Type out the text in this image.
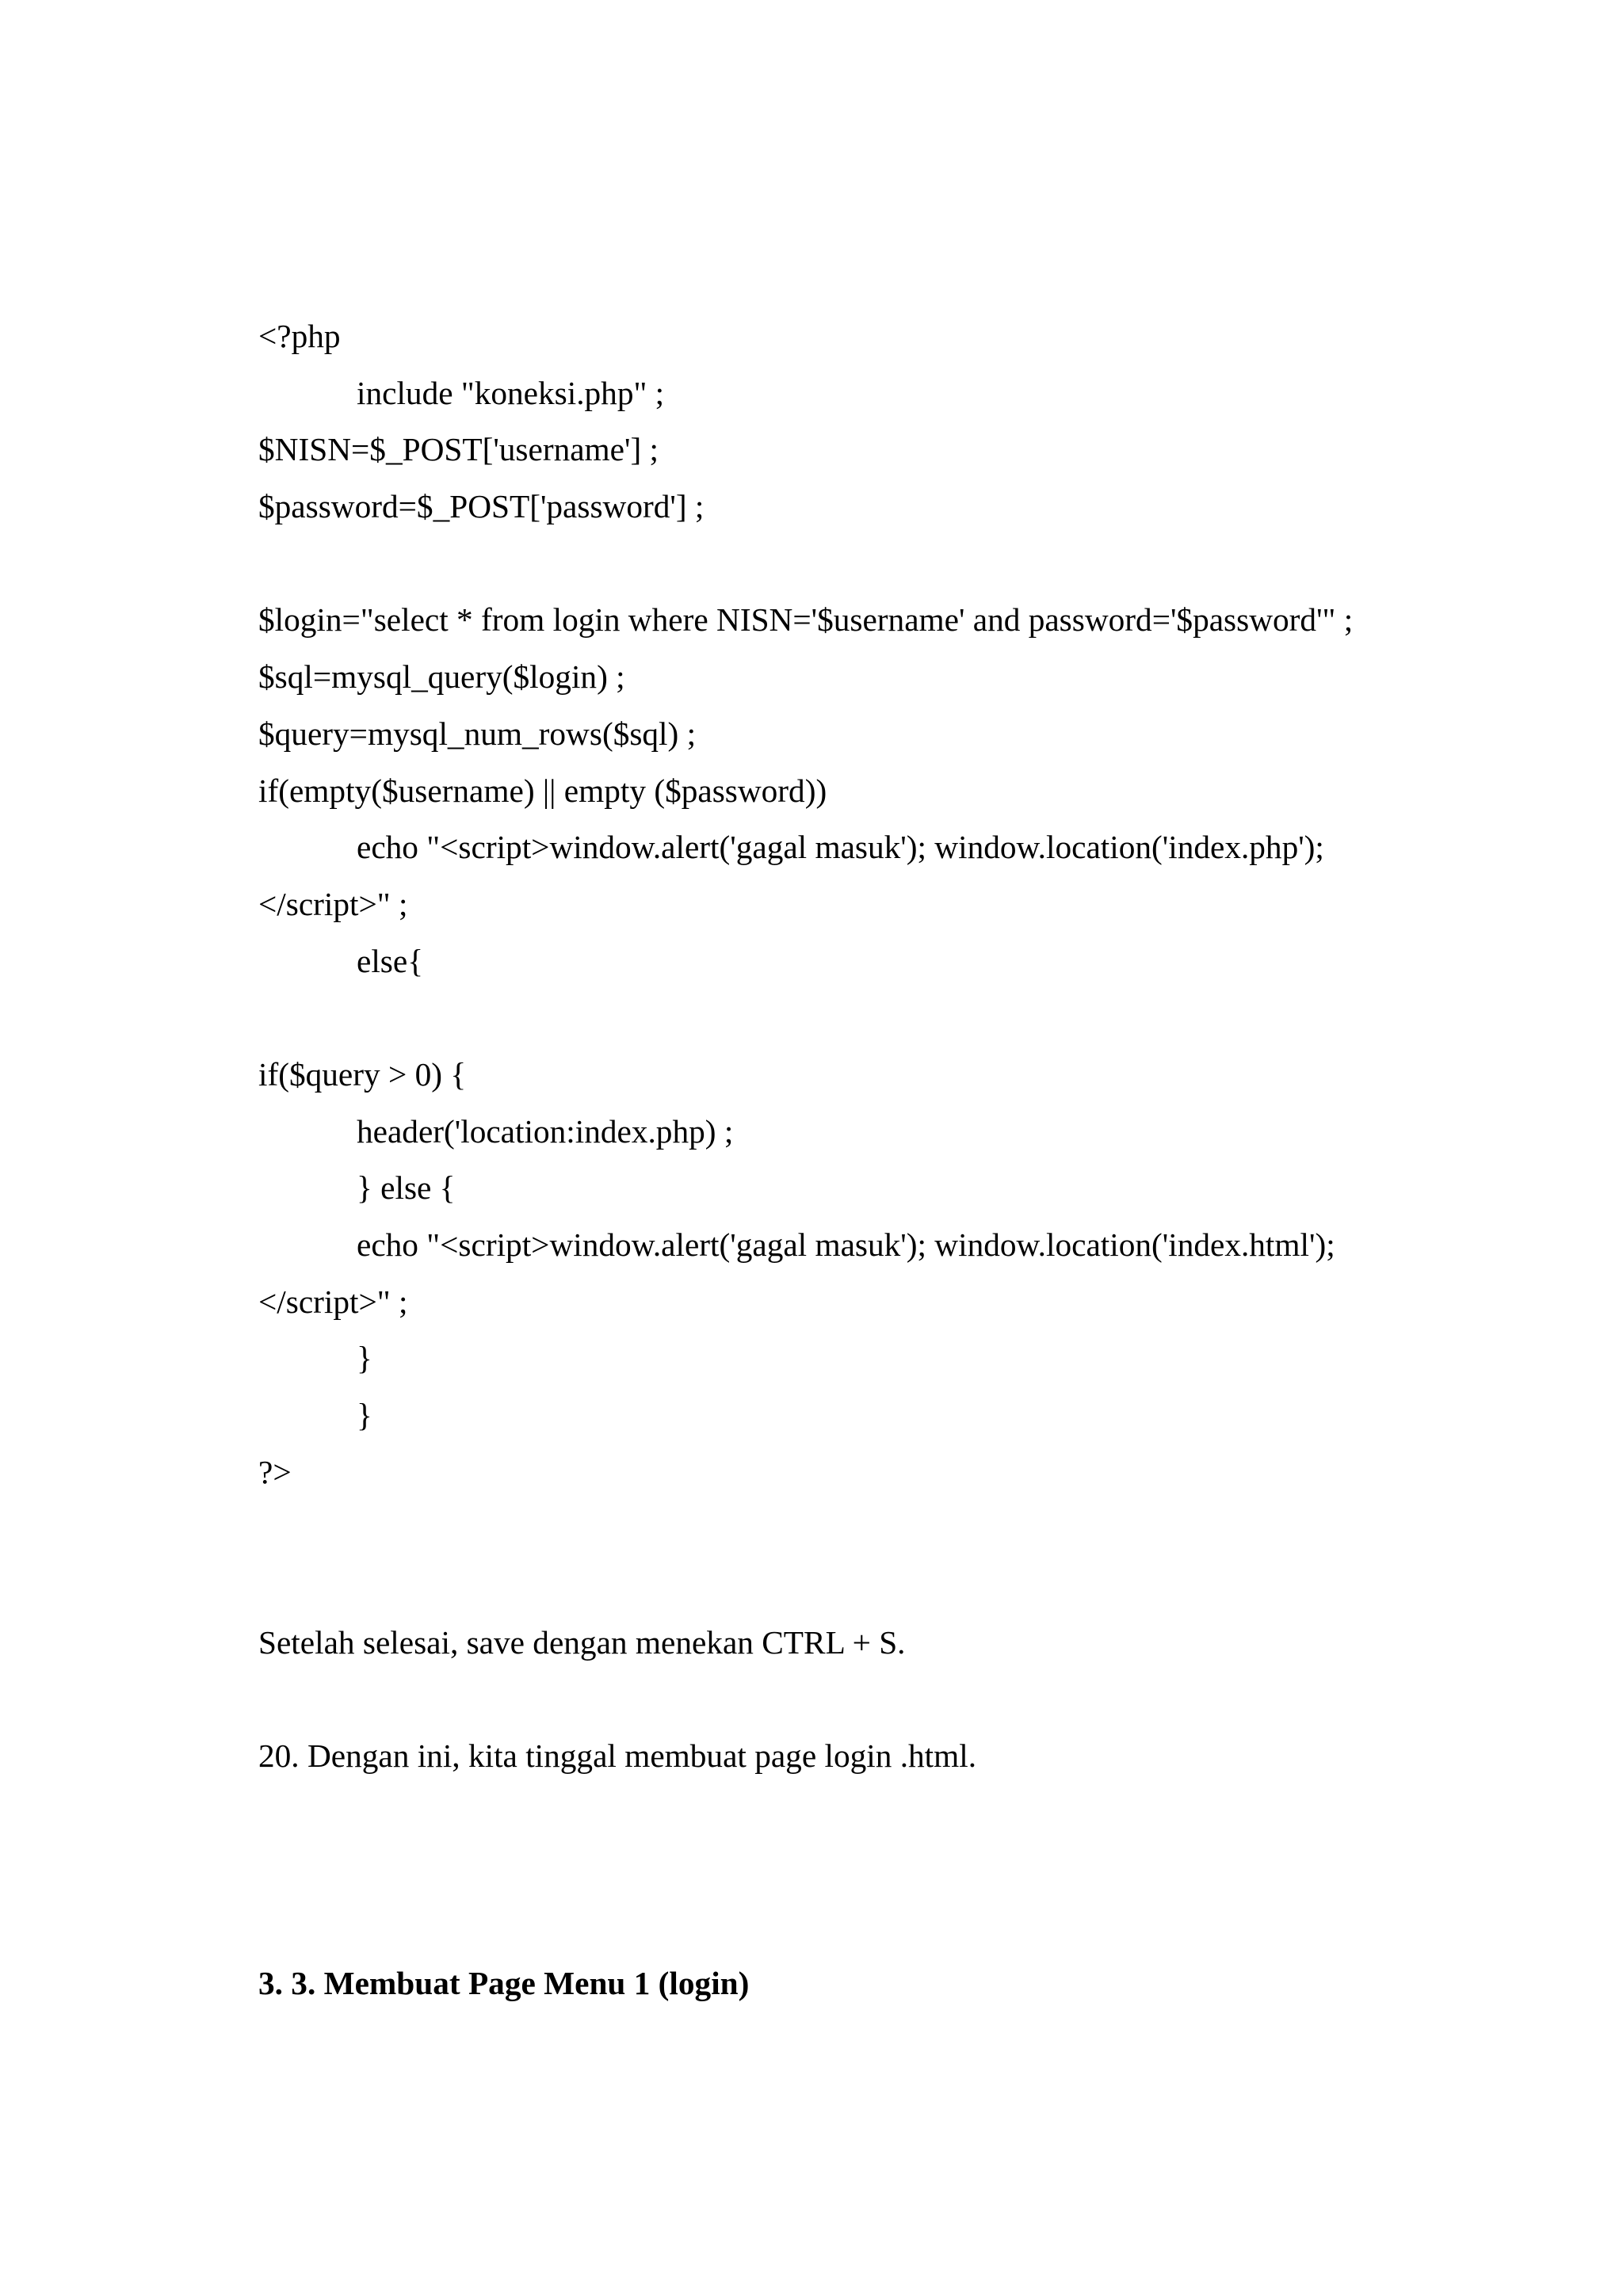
<?php
include "koneksi.php" ;
$NISN=$_POST['username'] ;
$password=$_POST['password'] ;
$login="select * from login where NISN='$username' and password='$password'" ;
$sql=mysql_query($login) ;
$query=mysql_num_rows($sql) ;
if(empty($username) || empty ($password))
echo "<script>window.alert('gagal masuk'); window.location('index.php');
</script>" ;
else{
if($query > 0) {
header('location:index.php) ;
} else {
echo "<script>window.alert('gagal masuk'); window.location('index.html');
</script>" ;
}
}
?>
Setelah selesai, save dengan menekan CTRL + S.
20. Dengan ini, kita tinggal membuat page login .html.
3. 3. Membuat Page Menu 1 (login)
